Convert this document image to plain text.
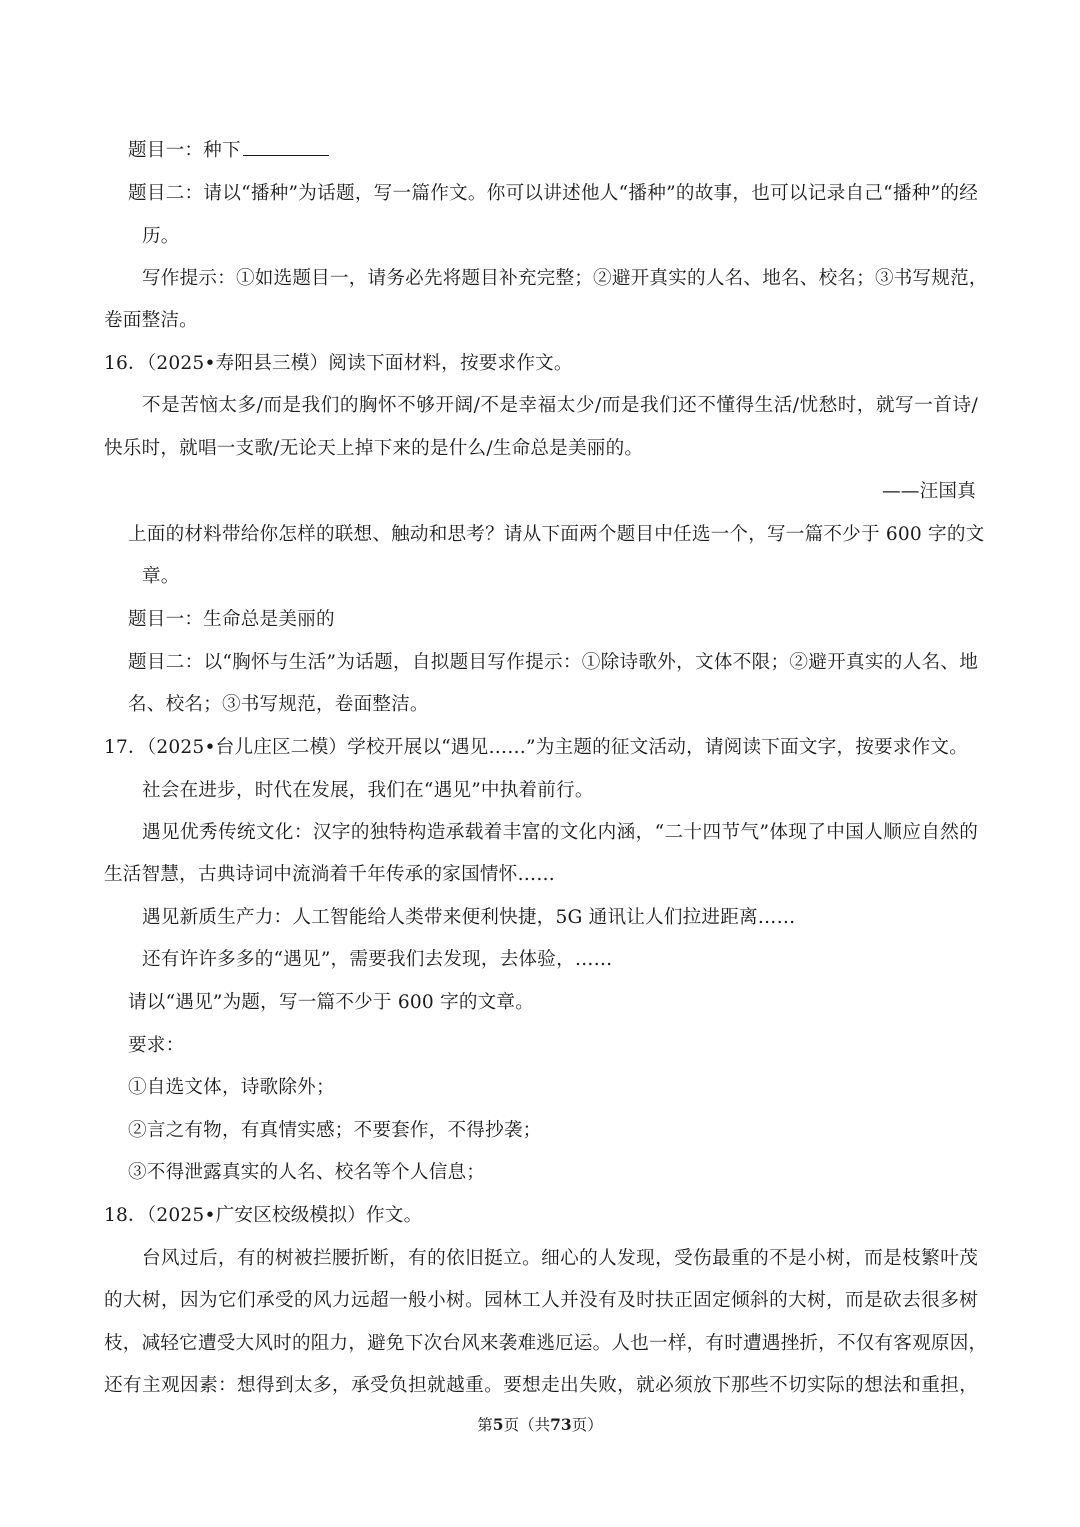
题目一：种下
题目二：请以“播种”为话题，写一篇作文。你可以讲述他人“播种”的故事，也可以记录自己“播种”的经
历。
写作提示：①如选题目一，请务必先将题目补充完整；②避开真实的人名、地名、校名；③书写规范，
卷面整洁。
16．（2025•寿阳县三模）阅读下面材料，按要求作文。
不是苦恼太多/而是我们的胸怀不够开阔/不是幸福太少/而是我们还不懂得生活/忧愁时，就写一首诗/
快乐时，就唱一支歌/无论天上掉下来的是什么/生命总是美丽的。
——汪国真
上面的材料带给你怎样的联想、触动和思考？请从下面两个题目中任选一个，写一篇不少于 600 字的文
章。
题目一：生命总是美丽的
题目二：以“胸怀与生活”为话题，自拟题目写作提示：①除诗歌外，文体不限；②避开真实的人名、地
名、校名；③书写规范，卷面整洁。
17．（2025•台儿庄区二模）学校开展以“遇见……”为主题的征文活动，请阅读下面文字，按要求作文。
社会在进步，时代在发展，我们在“遇见”中执着前行。
遇见优秀传统文化：汉字的独特构造承载着丰富的文化内涵，“二十四节气”体现了中国人顺应自然的
生活智慧，古典诗词中流淌着千年传承的家国情怀……
遇见新质生产力：人工智能给人类带来便利快捷，5G 通讯让人们拉进距离……
还有许许多多的“遇见”，需要我们去发现，去体验，……
请以“遇见”为题，写一篇不少于 600 字的文章。
要求：
①自选文体，诗歌除外；
②言之有物，有真情实感；不要套作，不得抄袭；
③不得泄露真实的人名、校名等个人信息；
18．（2025•广安区校级模拟）作文。
台风过后，有的树被拦腰折断，有的依旧挺立。细心的人发现，受伤最重的不是小树，而是枝繁叶茂
的大树，因为它们承受的风力远超一般小树。园林工人并没有及时扶正固定倾斜的大树，而是砍去很多树
枝，减轻它遭受大风时的阻力，避免下次台风来袭难逃厄运。人也一样，有时遭遇挫折，不仅有客观原因，
还有主观因素：想得到太多，承受负担就越重。要想走出失败，就必须放下那些不切实际的想法和重担，
第5页（共73页）
